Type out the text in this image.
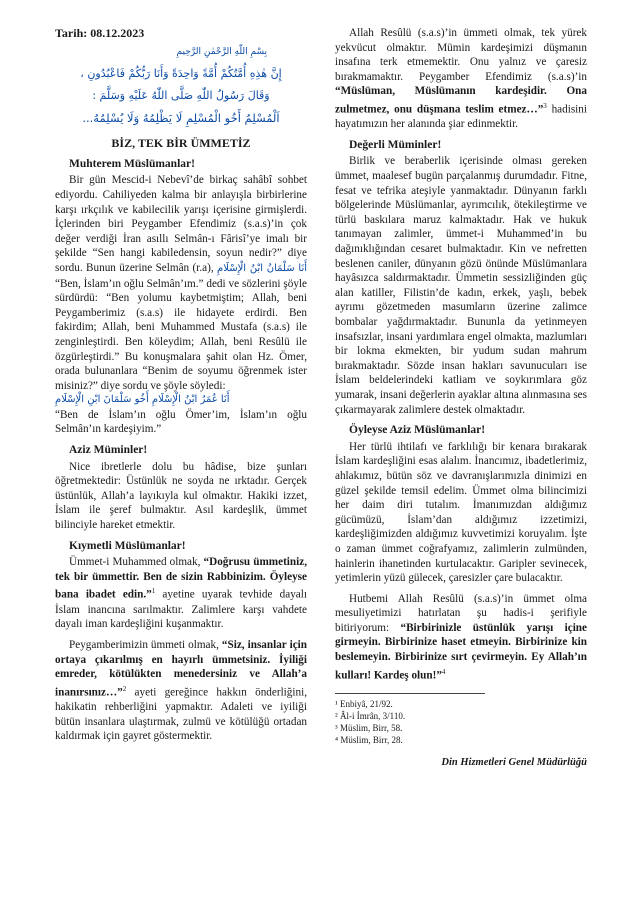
Tarih: 08.12.2023
بِسْمِ اللّٰهِ الرَّحْمٰنِ الرَّحِيمِ
إِنَّ هٰذِهِ أُمَّتُكُمْ أُمَّةً وَاحِدَةً وَأَنَا رَبُّكُمْ فَاعْبُدُونِ ،
وَقَالَ رَسُولُ اللّٰهِ صَلَّى اللّٰهُ عَلَيْهِ وَسَلَّمَ :
اَلْمُسْلِمُ أَخُو الْمُسْلِمِ لَا يَظْلِمُهُ وَلَا يُسْلِمُهُ...
BİZ, TEK BİR ÜMMETİZ
Muhterem Müslümanlar!

Bir gün Mescid-i Nebevî’de birkaç sahâbî sohbet ediyordu. Cahiliyeden kalma bir anlayışla birbirlerine karşı ırkçılık ve kabilecilik yarışı içerisine girmişlerdi. İçlerinden biri Peygamber Efendimiz (s.a.s)’in çok değer verdiği İran asıllı Selmân-ı Fârisî’ye imalı bir şekilde “Sen hangi kabiledensin, soyun nedir?” diye sordu. Bunun üzerine Selmân (r.a), أَنَا سَلْمَانُ ابْنُ الْإِسْلَامِ “Ben, İslam’ın oğlu Selmân’ım.” dedi ve sözlerini şöyle sürdürdü: “Ben yolumu kaybetmiştim; Allah, beni Peygamberimiz (s.a.s) ile hidayete erdirdi. Ben fakirdim; Allah, beni Muhammed Mustafa (s.a.s) ile zenginleştirdi. Ben köleydim; Allah, beni Resûlü ile özgürleştirdi.” Bu konuşmalara şahit olan Hz. Ömer, orada bulunanlara “Benim de soyumu öğrenmek ister misiniz?” diye sordu ve şöyle söyledi:
أَنَا عُمَرُ ابْنُ الْإِسْلَامِ أَخُو سَلْمَانَ ابْنِ الْإِسْلَامِ
“Ben de İslam’ın oğlu Ömer’im, İslam’ın oğlu Selmân’ın kardeşiyim.”

Aziz Müminler!

Nice ibretlerle dolu bu hâdise, bize şunları öğretmektedir: Üstünlük ne soyda ne ırktadır. Gerçek üstünlük, Allah’a layıkıyla kul olmaktır. Hakiki izzet, İslam ile şeref bulmaktır. Asıl kardeşlik, ümmet bilinciyle hareket etmektir.

Kıymetli Müslümanlar!

Ümmet-i Muhammed olmak, “Doğrusu ümmetiniz, tek bir ümmettir. Ben de sizin Rabbinizim. Öyleyse bana ibadet edin.”$^1$ ayetine uyarak tevhide dayalı İslam inancına sarılmaktır. Zalimlere karşı vahdete dayalı iman kardeşliğini kuşanmaktır.

Peygamberimizin ümmeti olmak, “Siz, insanlar için ortaya çıkarılmış en hayırlı ümmetsiniz. İyiliği emreder, kötülükten menedersiniz ve Allah’a inanırsınız…”$^2$ ayeti gereğince hakkın önderliğini, hakikatin rehberliğini yapmaktır. Adaleti ve iyiliği bütün insanlara ulaştırmak, zulmü ve kötülüğü ortadan kaldırmak için gayret göstermektir.

Allah Resûlü (s.a.s)’in ümmeti olmak, tek yürek yekvücut olmaktır. Mümin kardeşimizi düşmanın insafına terk etmemektir. Onu yalnız ve çaresiz bırakmamaktır. Peygamber Efendimiz (s.a.s)’in “Müslüman, Müslümanın kardeşidir. Ona zulmetmez, onu düşmana teslim etmez…”$^3$ hadisini hayatımızın her alanında şiar edinmektir.

Değerli Müminler!

Birlik ve beraberlik içerisinde olması gereken ümmet, maalesef bugün parçalanmış durumdadır. Fitne, fesat ve tefrika ateşiyle yanmaktadır. Dünyanın farklı bölgelerinde Müslümanlar, ayrımcılık, ötekileştirme ve türlü baskılara maruz kalmaktadır. Hak ve hukuk tanımayan zalimler, ümmet-i Muhammed’in bu dağınıklığından cesaret bulmaktadır. Kin ve nefretten beslenen caniler, dünyanın gözü önünde Müslümanlara hayâsızca saldırmaktadır. Ümmetin sessizliğinden güç alan katiller, Filistin’de kadın, erkek, yaşlı, bebek ayrımı gözetmeden masumların üzerine zalimce bombalar yağdırmaktadır. Bununla da yetinmeyen insafsızlar, insani yardımlara engel olmakta, mazlumları bir lokma ekmekten, bir yudum sudan mahrum bırakmaktadır. Sözde insan hakları savunucuları ise İslam beldelerindeki katliam ve soykırımlara göz yumarak, insani değerlerin ayaklar altına alınmasına ses çıkarmayarak zalimlere destek olmaktadır.

Öyleyse Aziz Müslümanlar!

Her türlü ihtilafı ve farklılığı bir kenara bırakarak İslam kardeşliğini esas alalım. İnancımız, ibadetlerimiz, ahlakımız, bütün söz ve davranışlarımızla dinimizi en güzel şekilde temsil edelim. Ümmet olma bilincimizi her daim diri tutalım. İmanımızdan aldığımız gücümüzü, İslam’dan aldığımız izzetimizi, kardeşliğimizden aldığımız kuvvetimizi koruyalım. İşte o zaman ümmet coğrafyamız, zalimlerin zulmünden, hainlerin ihanetinden kurtulacaktır. Garipler sevinecek, yetimlerin yüzü gülecek, çaresizler çare bulacaktır.

Hutbemi Allah Resûlü (s.a.s)’in ümmet olma mesuliyetimizi hatırlatan şu hadis-i şerifiyle bitiriyorum: “Birbirinizle üstünlük yarışı içine girmeyin. Birbirinize haset etmeyin. Birbirinize kin beslemeyin. Birbirinize sırt çevirmeyin. Ey Allah’ın kulları! Kardeş olun!”$^4$

¹ Enbiyâ, 21/92.

² Âl-i İmrân, 3/110.

³ Müslim, Birr, 58.

⁴ Müslim, Birr, 28.

Din Hizmetleri Genel Müdürlüğü
